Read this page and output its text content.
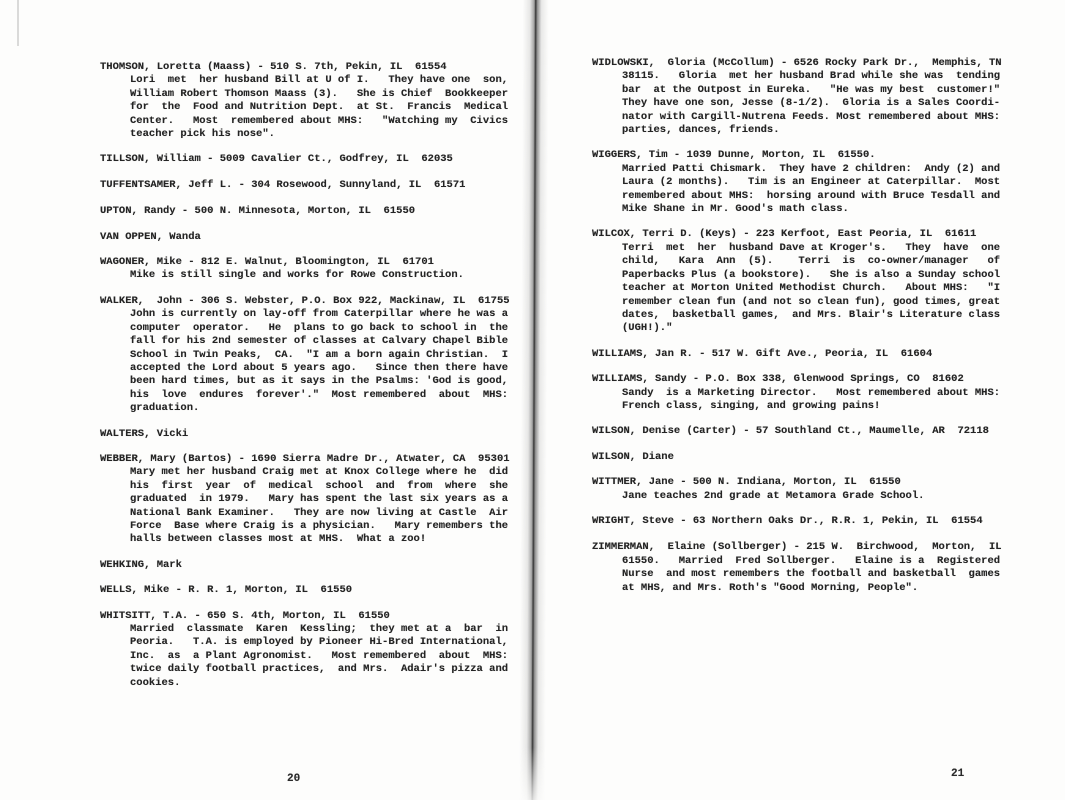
THOMSON, Loretta (Maass) - 510 S. 7th, Pekin, IL  61554
Lori  met  her husband Bill at U of I.   They have one  son,
William Robert Thomson Maass (3).   She is Chief  Bookkeeper
for  the  Food and Nutrition Dept.  at St.  Francis  Medical
Center.   Most  remembered about MHS:   "Watching my  Civics
teacher pick his nose".
TILLSON, William - 5009 Cavalier Ct., Godfrey, IL  62035
TUFFENTSAMER, Jeff L. - 304 Rosewood, Sunnyland, IL  61571
UPTON, Randy - 500 N. Minnesota, Morton, IL  61550
VAN OPPEN, Wanda
WAGONER, Mike - 812 E. Walnut, Bloomington, IL  61701
Mike is still single and works for Rowe Construction.
WALKER,  John - 306 S. Webster, P.O. Box 922, Mackinaw, IL  61755
John is currently on lay-off from Caterpillar where he was a
computer  operator.   He  plans to go back to school in  the
fall for his 2nd semester of classes at Calvary Chapel Bible
School in Twin Peaks,  CA.  "I am a born again Christian.  I
accepted the Lord about 5 years ago.   Since then there have
been hard times, but as it says in the Psalms: 'God is good,
his  love  endures  forever'."  Most remembered  about  MHS:
graduation.
WALTERS, Vicki
WEBBER, Mary (Bartos) - 1690 Sierra Madre Dr., Atwater, CA  95301
Mary met her husband Craig met at Knox College where he  did
his  first  year  of  medical  school  and  from  where  she
graduated  in 1979.   Mary has spent the last six years as a
National Bank Examiner.   They are now living at Castle  Air
Force  Base where Craig is a physician.   Mary remembers the
halls between classes most at MHS.  What a zoo!
WEHKING, Mark
WELLS, Mike - R. R. 1, Morton, IL  61550
WHITSITT, T.A. - 650 S. 4th, Morton, IL  61550
Married  classmate  Karen  Kessling;  they met at a  bar  in
Peoria.   T.A. is employed by Pioneer Hi-Bred International,
Inc.  as  a Plant Agronomist.   Most remembered  about  MHS:
twice daily football practices,  and Mrs.  Adair's pizza and
cookies.
20
WIDLOWSKI,  Gloria (McCollum) - 6526 Rocky Park Dr.,  Memphis, TN
38115.   Gloria  met her husband Brad while she was  tending
bar  at the Outpost in Eureka.   "He was my best  customer!"
They have one son, Jesse (8-1/2).  Gloria is a Sales Coordi-
nator with Cargill-Nutrena Feeds. Most remembered about MHS:
parties, dances, friends.
WIGGERS, Tim - 1039 Dunne, Morton, IL  61550.
Married Patti Chismark.  They have 2 children:  Andy (2) and
Laura (2 months).   Tim is an Engineer at Caterpillar.  Most
remembered about MHS:  horsing around with Bruce Tesdall and
Mike Shane in Mr. Good's math class.
WILCOX, Terri D. (Keys) - 223 Kerfoot, East Peoria, IL  61611
Terri  met  her  husband Dave at Kroger's.   They  have  one
child,   Kara  Ann  (5).    Terri  is  co-owner/manager   of
Paperbacks Plus (a bookstore).   She is also a Sunday school
teacher at Morton United Methodist Church.   About MHS:   "I
remember clean fun (and not so clean fun), good times, great
dates,  basketball games,  and Mrs. Blair's Literature class
(UGH!)."
WILLIAMS, Jan R. - 517 W. Gift Ave., Peoria, IL  61604
WILLIAMS, Sandy - P.O. Box 338, Glenwood Springs, CO  81602
Sandy  is a Marketing Director.   Most remembered about MHS:
French class, singing, and growing pains!
WILSON, Denise (Carter) - 57 Southland Ct., Maumelle, AR  72118
WILSON, Diane
WITTMER, Jane - 500 N. Indiana, Morton, IL  61550
Jane teaches 2nd grade at Metamora Grade School.
WRIGHT, Steve - 63 Northern Oaks Dr., R.R. 1, Pekin, IL  61554
ZIMMERMAN,  Elaine (Sollberger) - 215 W.  Birchwood,  Morton,  IL
61550.   Married  Fred Sollberger.   Elaine is a  Registered
Nurse  and most remembers the football and basketball  games
at MHS, and Mrs. Roth's "Good Morning, People".
21
